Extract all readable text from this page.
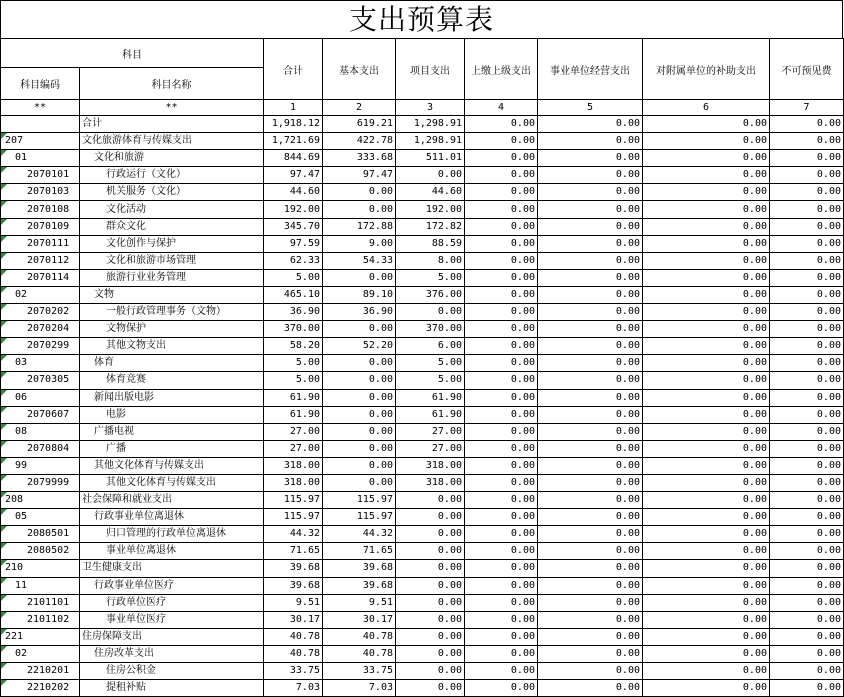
支出预算表
科目		合计	基本支出	项目支出	上缴上级支出	事业单位经营支出	对附属单位的补助支出	不可预见费
科目编码	科目名称							
**	**	1	2	3	4	5	6	7
	合计	1,918.12	619.21	1,298.91	0.00	0.00	0.00	0.00
207	文化旅游体育与传媒支出	1,721.69	422.78	1,298.91	0.00	0.00	0.00	0.00
01	文化和旅游	844.69	333.68	511.01	0.00	0.00	0.00	0.00
2070101	行政运行（文化）	97.47	97.47	0.00	0.00	0.00	0.00	0.00
2070103	机关服务（文化）	44.60	0.00	44.60	0.00	0.00	0.00	0.00
2070108	文化活动	192.00	0.00	192.00	0.00	0.00	0.00	0.00
2070109	群众文化	345.70	172.88	172.82	0.00	0.00	0.00	0.00
2070111	文化创作与保护	97.59	9.00	88.59	0.00	0.00	0.00	0.00
2070112	文化和旅游市场管理	62.33	54.33	8.00	0.00	0.00	0.00	0.00
2070114	旅游行业业务管理	5.00	0.00	5.00	0.00	0.00	0.00	0.00
02	文物	465.10	89.10	376.00	0.00	0.00	0.00	0.00
2070202	一般行政管理事务（文物）	36.90	36.90	0.00	0.00	0.00	0.00	0.00
2070204	文物保护	370.00	0.00	370.00	0.00	0.00	0.00	0.00
2070299	其他文物支出	58.20	52.20	6.00	0.00	0.00	0.00	0.00
03	体育	5.00	0.00	5.00	0.00	0.00	0.00	0.00
2070305	体育竞赛	5.00	0.00	5.00	0.00	0.00	0.00	0.00
06	新闻出版电影	61.90	0.00	61.90	0.00	0.00	0.00	0.00
2070607	电影	61.90	0.00	61.90	0.00	0.00	0.00	0.00
08	广播电视	27.00	0.00	27.00	0.00	0.00	0.00	0.00
2070804	广播	27.00	0.00	27.00	0.00	0.00	0.00	0.00
99	其他文化体育与传媒支出	318.00	0.00	318.00	0.00	0.00	0.00	0.00
2079999	其他文化体育与传媒支出	318.00	0.00	318.00	0.00	0.00	0.00	0.00
208	社会保障和就业支出	115.97	115.97	0.00	0.00	0.00	0.00	0.00
05	行政事业单位离退休	115.97	115.97	0.00	0.00	0.00	0.00	0.00
2080501	归口管理的行政单位离退休	44.32	44.32	0.00	0.00	0.00	0.00	0.00
2080502	事业单位离退休	71.65	71.65	0.00	0.00	0.00	0.00	0.00
210	卫生健康支出	39.68	39.68	0.00	0.00	0.00	0.00	0.00
11	行政事业单位医疗	39.68	39.68	0.00	0.00	0.00	0.00	0.00
2101101	行政单位医疗	9.51	9.51	0.00	0.00	0.00	0.00	0.00
2101102	事业单位医疗	30.17	30.17	0.00	0.00	0.00	0.00	0.00
221	住房保障支出	40.78	40.78	0.00	0.00	0.00	0.00	0.00
02	住房改革支出	40.78	40.78	0.00	0.00	0.00	0.00	0.00
2210201	住房公积金	33.75	33.75	0.00	0.00	0.00	0.00	0.00
2210202	提租补贴	7.03	7.03	0.00	0.00	0.00	0.00	0.00
